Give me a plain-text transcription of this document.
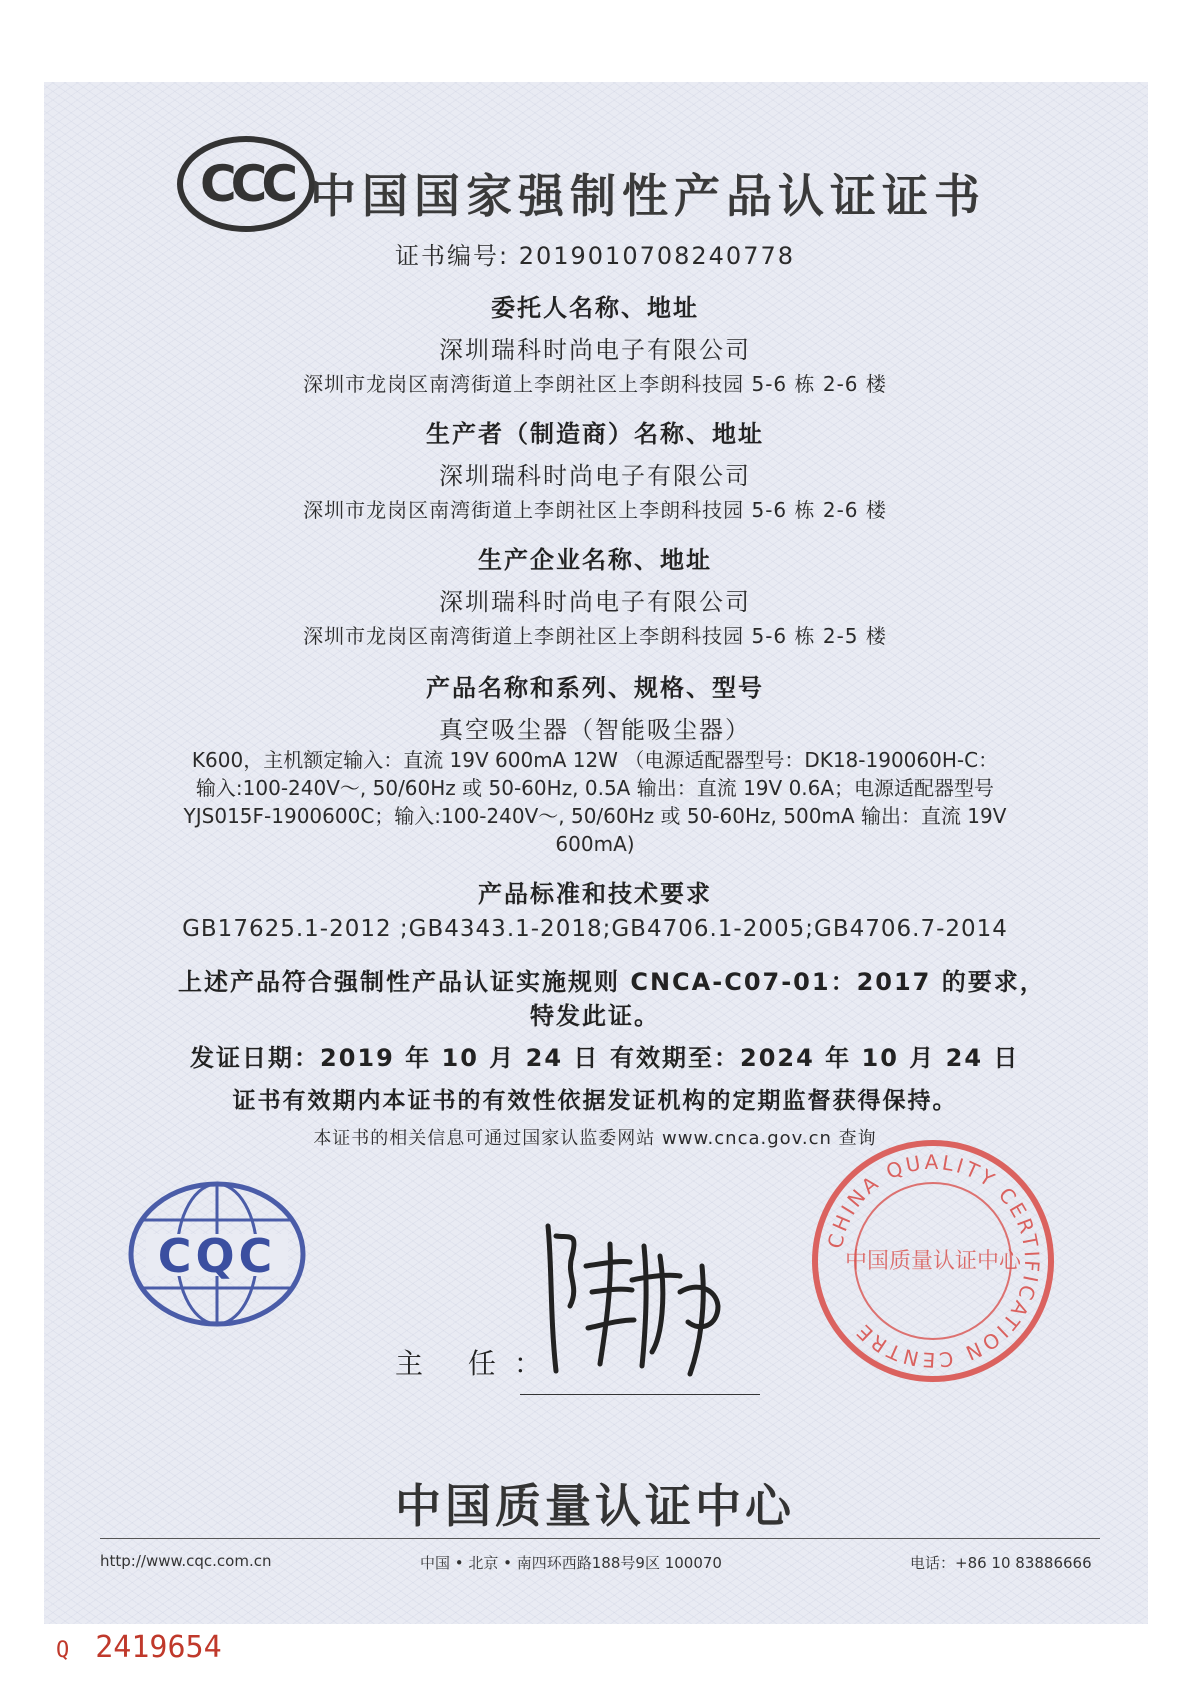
CCC 中国国家强制性产品认证证书
证书编号: 2019010708240778
委托人名称、地址
深圳瑞科时尚电子有限公司
深圳市龙岗区南湾街道上李朗社区上李朗科技园 5-6 栋 2-6 楼
生产者（制造商）名称、地址
深圳瑞科时尚电子有限公司
深圳市龙岗区南湾街道上李朗社区上李朗科技园 5-6 栋 2-6 楼
生产企业名称、地址
深圳瑞科时尚电子有限公司
深圳市龙岗区南湾街道上李朗社区上李朗科技园 5-6 栋 2-5 楼
产品名称和系列、规格、型号
真空吸尘器（智能吸尘器）
K600，主机额定输入：直流 19V 600mA 12W （电源适配器型号：DK18-190060H-C：
输入:100-240V～, 50/60Hz 或 50-60Hz, 0.5A 输出：直流 19V 0.6A；电源适配器型号
YJS015F-1900600C；输入:100-240V～, 50/60Hz 或 50-60Hz, 500mA 输出：直流 19V
600mA)
产品标准和技术要求
GB17625.1-2012 ;GB4343.1-2018;GB4706.1-2005;GB4706.7-2014
上述产品符合强制性产品认证实施规则 CNCA-C07-01：2017 的要求，
特发此证。
发证日期：2019 年 10 月 24 日 有效期至：2024 年 10 月 24 日
证书有效期内本证书的有效性依据发证机构的定期监督获得保持。
本证书的相关信息可通过国家认监委网站 www.cnca.gov.cn 查询
CQC
主 任：
CHINA QUALITY CERTIFICATION CENTRE
中国质量认证中心
中国质量认证中心
http://www.cqc.com.cn	中国 • 北京 • 南四环西路188号9区 100070	电话：+86 10 83886666
Q 2419654
